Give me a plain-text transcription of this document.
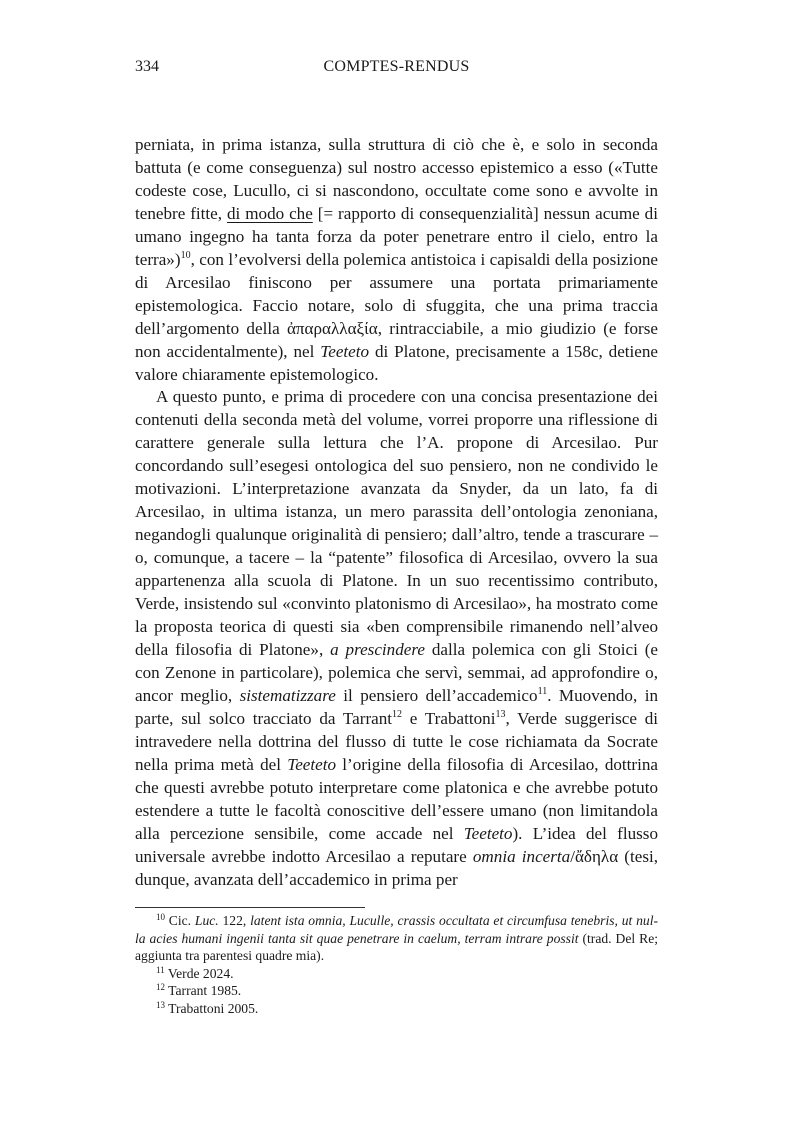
334	COMPTES-RENDUS

perniata, in prima istanza, sulla struttura di ciò che è, e solo in seconda battuta (e come conseguenza) sul nostro accesso epistemico a esso («Tutte codeste cose, Lucullo, ci si nascondono, occultate come sono e avvolte in tenebre fitte, di modo che [= rapporto di consequenzialità] nessun acume di umano ingegno ha tanta forza da poter penetrare entro il cielo, entro la terra»)$^{10}$, con l’evolversi della polemica antistoica i capisaldi della posizione di Arcesilao finiscono per assumere una portata primariamente epistemologica. Faccio notare, solo di sfuggita, che una prima traccia dell’argomento della ἀπαραλλαξία, rintracciabile, a mio giudizio (e forse non accidentalmente), nel Teeteto di Platone, precisamente a 158c, detiene valore chiaramente epistemologico.

A questo punto, e prima di procedere con una concisa presentazione dei contenuti della seconda metà del volume, vorrei proporre una riflessione di carattere generale sulla lettura che l’A. propone di Arcesilao. Pur concordando sull’esegesi ontologica del suo pensiero, non ne condivido le motivazioni. L’interpretazione avanzata da Snyder, da un lato, fa di Arcesilao, in ultima istanza, un mero parassita dell’ontologia zenoniana, negandogli qualunque originalità di pensiero; dall’altro, tende a trascurare – o, comunque, a tacere – la “patente” filosofica di Arcesilao, ovvero la sua appartenenza alla scuola di Platone. In un suo recentissimo contributo, Verde, insistendo sul «convinto platonismo di Arcesilao», ha mostrato come la proposta teorica di questi sia «ben comprensibile rimanendo nell’alveo della filosofia di Platone», a prescindere dalla polemica con gli Stoici (e con Zenone in particolare), polemica che servì, semmai, ad approfondire o, ancor meglio, sistematizzare il pensiero dell’accademico$^{11}$. Muovendo, in parte, sul solco tracciato da Tarrant$^{12}$ e Trabattoni$^{13}$, Verde suggerisce di intravedere nella dottrina del flusso di tutte le cose richiamata da Socrate nella prima metà del Teeteto l’origine della filosofia di Arcesilao, dottrina che questi avrebbe potuto interpretare come platonica e che avrebbe potuto estendere a tutte le facoltà conoscitive dell’essere umano (non limitandola alla percezione sensibile, come accade nel Teeteto). L’idea del flusso universale avrebbe indotto Arcesilao a reputare omnia incerta/ἄδηλα (tesi, dunque, avanzata dell’accademico in prima per

$^{10}$ Cic. Luc. 122, latent ista omnia, Luculle, crassis occultata et circumfusa tenebris, ut nulla acies humani ingenii tanta sit quae penetrare in caelum, terram intrare possit (trad. Del Re; aggiunta tra parentesi quadre mia).

$^{11}$ Verde 2024.

$^{12}$ Tarrant 1985.

$^{13}$ Trabattoni 2005.
